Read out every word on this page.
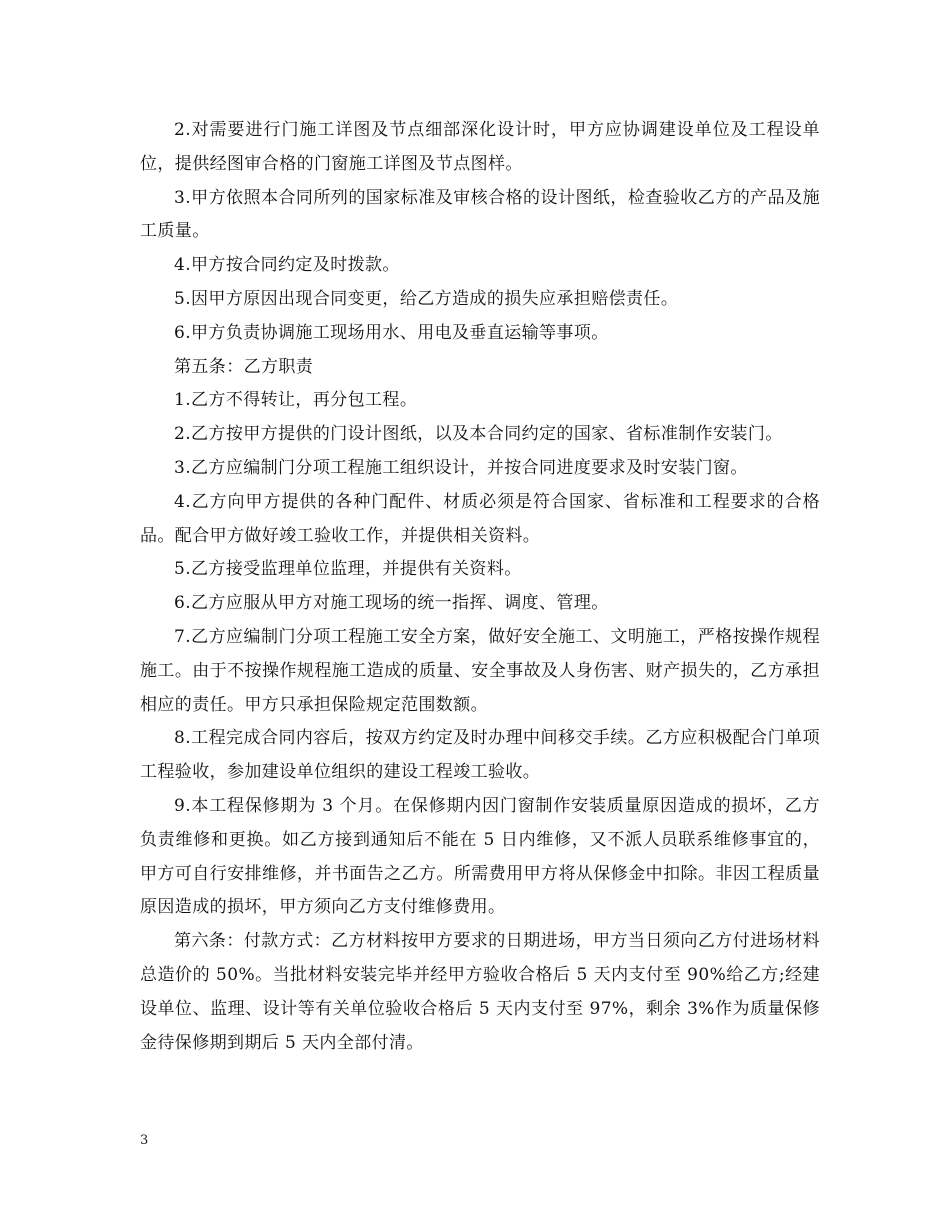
2.对需要进行门施工详图及节点细部深化设计时，甲方应协调建设单位及工程设单位，提供经图审合格的门窗施工详图及节点图样。

3.甲方依照本合同所列的国家标准及审核合格的设计图纸，检查验收乙方的产品及施工质量。

4.甲方按合同约定及时拨款。

5.因甲方原因出现合同变更，给乙方造成的损失应承担赔偿责任。

6.甲方负责协调施工现场用水、用电及垂直运输等事项。

第五条：乙方职责

1.乙方不得转让，再分包工程。

2.乙方按甲方提供的门设计图纸，以及本合同约定的国家、省标准制作安装门。

3.乙方应编制门分项工程施工组织设计，并按合同进度要求及时安装门窗。

4.乙方向甲方提供的各种门配件、材质必须是符合国家、省标准和工程要求的合格品。配合甲方做好竣工验收工作，并提供相关资料。

5.乙方接受监理单位监理，并提供有关资料。

6.乙方应服从甲方对施工现场的统一指挥、调度、管理。

7.乙方应编制门分项工程施工安全方案，做好安全施工、文明施工，严格按操作规程施工。由于不按操作规程施工造成的质量、安全事故及人身伤害、财产损失的，乙方承担相应的责任。甲方只承担保险规定范围数额。

8.工程完成合同内容后，按双方约定及时办理中间移交手续。乙方应积极配合门单项工程验收，参加建设单位组织的建设工程竣工验收。

9.本工程保修期为 3 个月。在保修期内因门窗制作安装质量原因造成的损坏，乙方负责维修和更换。如乙方接到通知后不能在 5 日内维修，又不派人员联系维修事宜的，甲方可自行安排维修，并书面告之乙方。所需费用甲方将从保修金中扣除。非因工程质量原因造成的损坏，甲方须向乙方支付维修费用。

第六条：付款方式：乙方材料按甲方要求的日期进场，甲方当日须向乙方付进场材料总造价的 50%。当批材料安装完毕并经甲方验收合格后 5 天内支付至 90%给乙方;经建设单位、监理、设计等有关单位验收合格后 5 天内支付至 97%，剩余 3%作为质量保修金待保修期到期后 5 天内全部付清。

3
